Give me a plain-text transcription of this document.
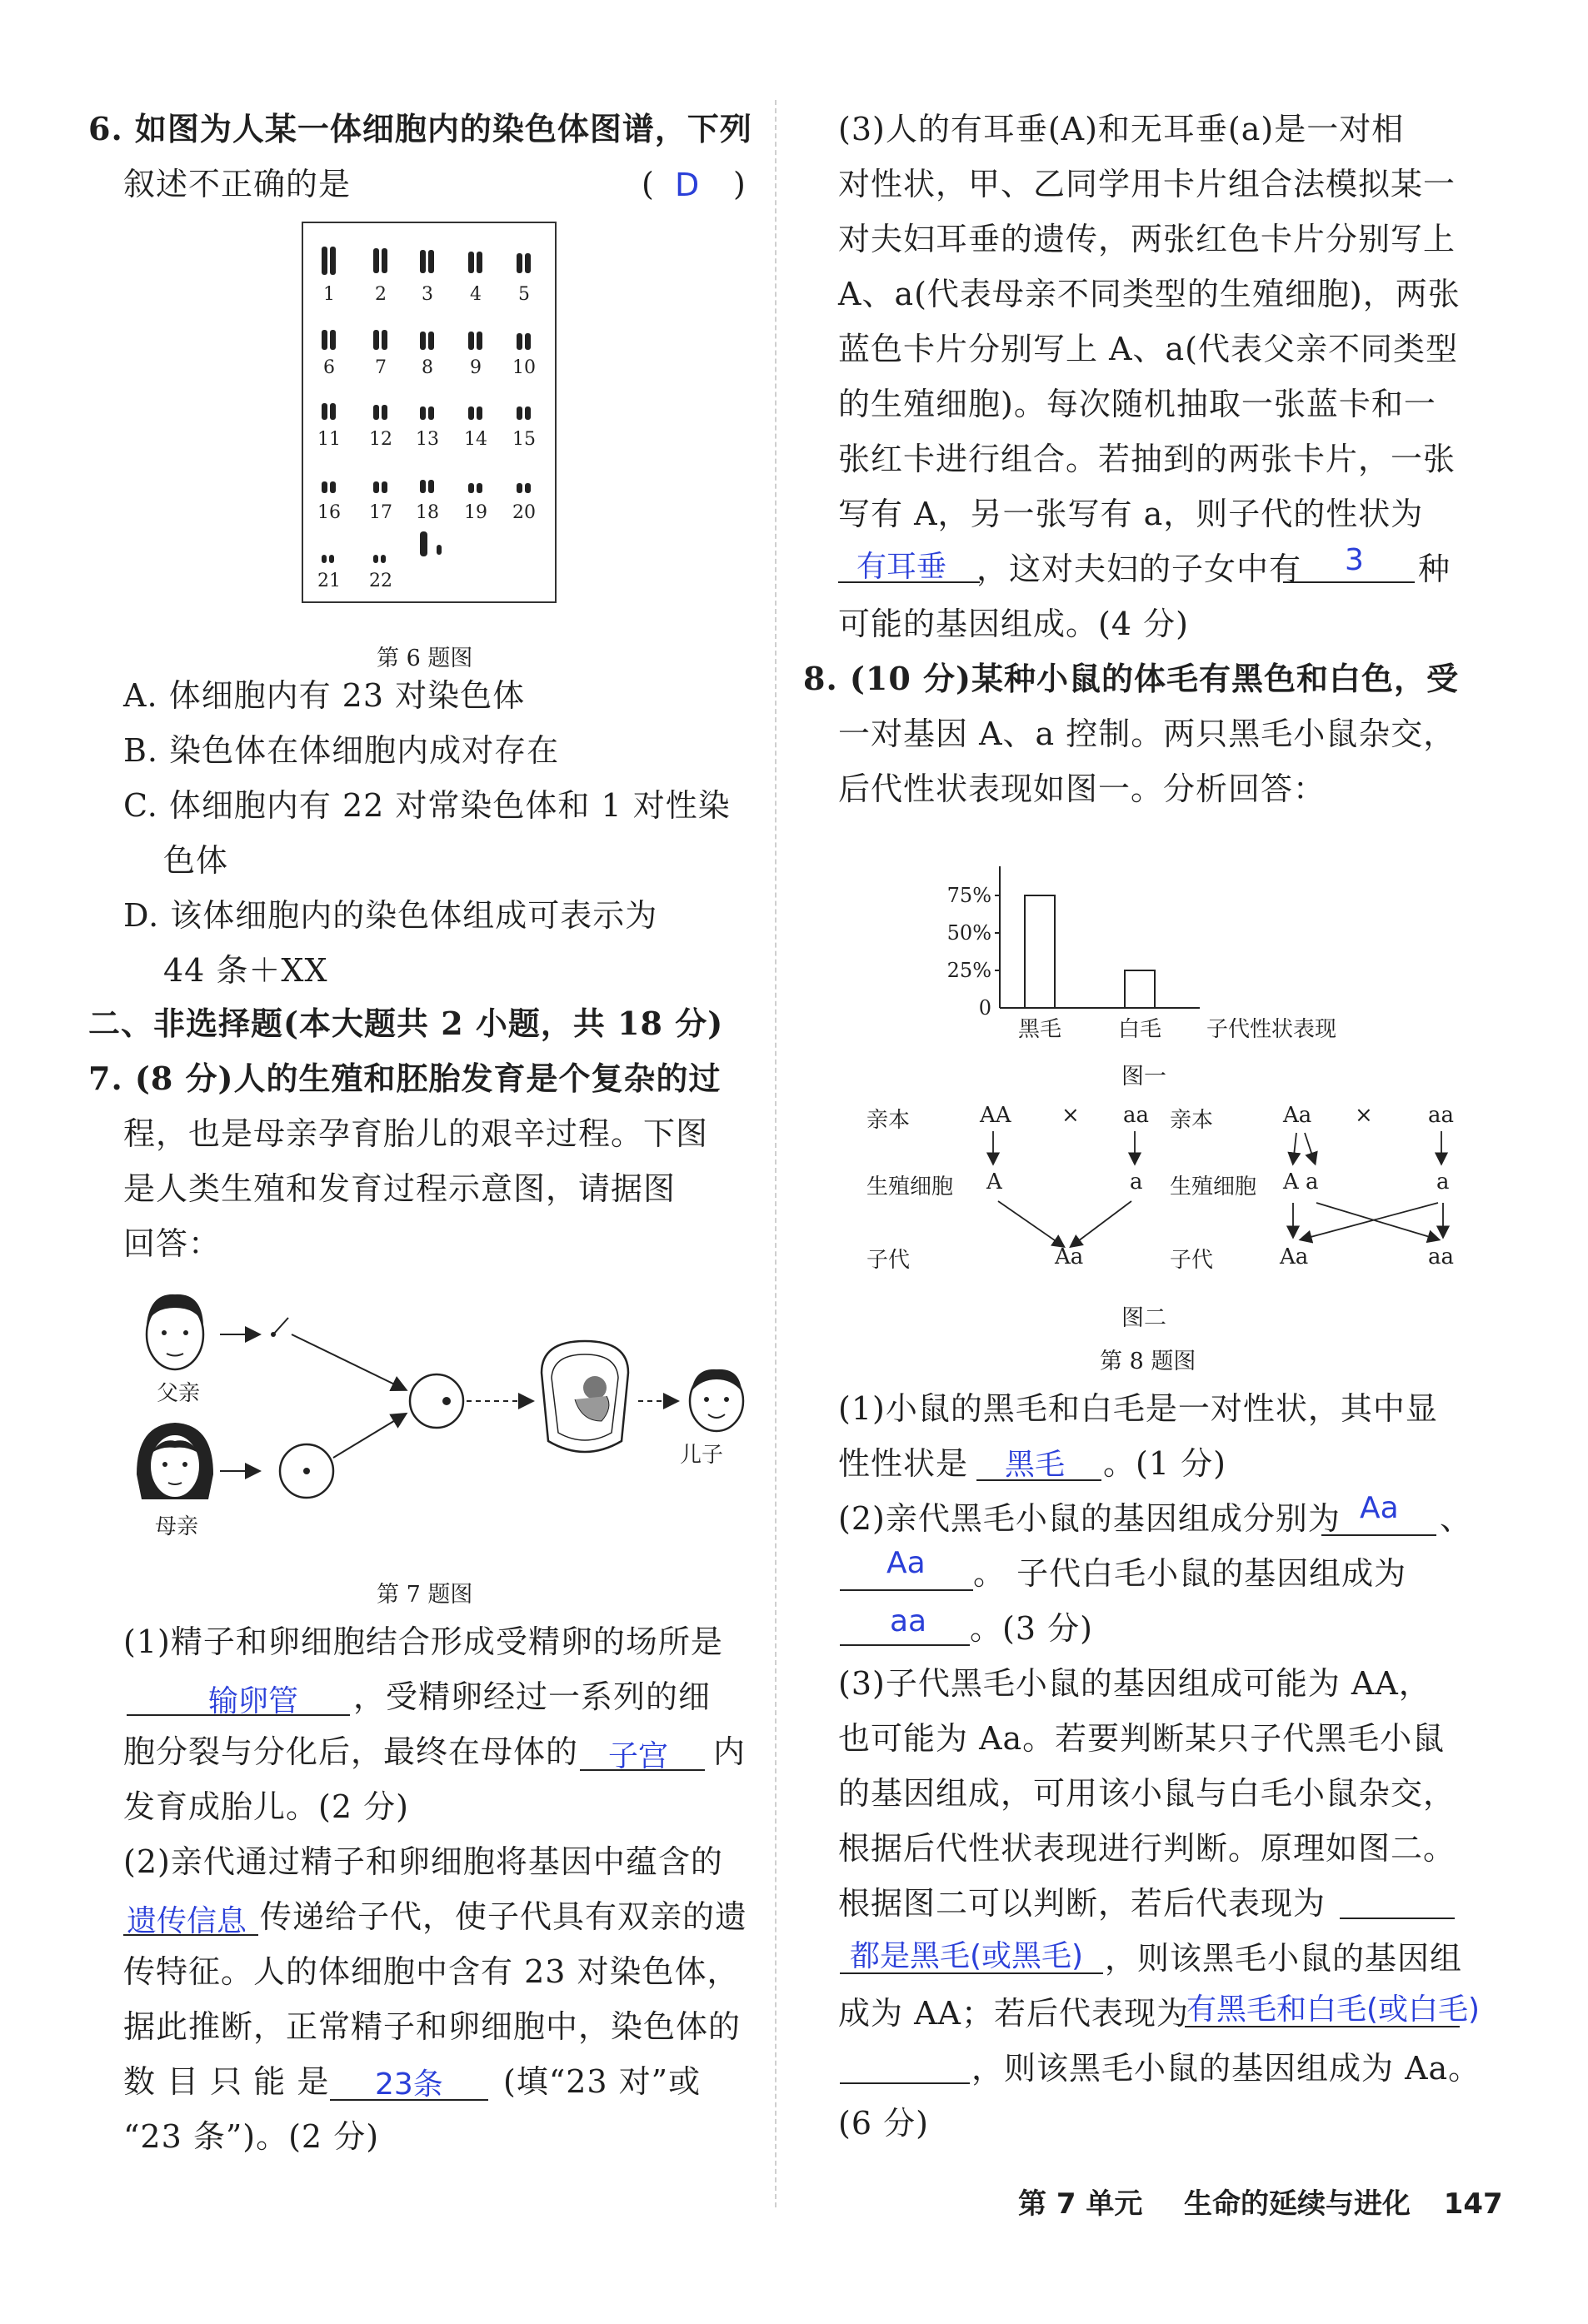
6. 如图为人某一体细胞内的染色体图谱，下列
叙述不正确的是	( D )
1 2 3 4 5
6 7 8 9 10
11 12 13 14 15
16 17 18 19 20
21 22
第 6 题图
A. 体细胞内有 23 对染色体
B. 染色体在体细胞内成对存在
C. 体细胞内有 22 对常染色体和 1 对性染
色体
D. 该体细胞内的染色体组成可表示为
44 条＋XX
二、非选择题(本大题共 2 小题，共 18 分)
7. (8 分)人的生殖和胚胎发育是个复杂的过
程，也是母亲孕育胎儿的艰辛过程。下图
是人类生殖和发育过程示意图，请据图
回答：
父亲
母亲
儿子
第 7 题图
(1)精子和卵细胞结合形成受精卵的场所是
输卵管 ，受精卵经过一系列的细
胞分裂与分化后，最终在母体的 子宫 内
发育成胎儿。(2 分)
(2)亲代通过精子和卵细胞将基因中蕴含的
遗传信息 传递给子代，使子代具有双亲的遗
传特征。人的体细胞中含有 23 对染色体，
据此推断，正常精子和卵细胞中，染色体的
数 目 只 能 是 23条 (填“23 对”或
“23 条”)。(2 分)
(3)人的有耳垂(A)和无耳垂(a)是一对相
对性状，甲、乙同学用卡片组合法模拟某一
对夫妇耳垂的遗传，两张红色卡片分别写上
A、a(代表母亲不同类型的生殖细胞)，两张
蓝色卡片分别写上 A、a(代表父亲不同类型
的生殖细胞)。每次随机抽取一张蓝卡和一
张红卡进行组合。若抽到的两张卡片，一张
写有 A，另一张写有 a，则子代的性状为
有耳垂 ，这对夫妇的子女中有 3 种
可能的基因组成。(4 分)
8. (10 分)某种小鼠的体毛有黑色和白色，受
一对基因 A、a 控制。两只黑毛小鼠杂交，
后代性状表现如图一。分析回答：
0
25%
50%
75%
黑毛	白毛 子代性状表现
图一
亲本	AA × aa
生殖细胞 A	a
子代	Aa
亲本	Aa ×	aa
生殖细胞 A a	a
子代	Aa	aa
图二
第 8 题图
(1)小鼠的黑毛和白毛是一对性状，其中显
性性状是 黑毛 。(1 分)
(2)亲代黑毛小鼠的基因组成分别为 Aa 、
Aa 。 子代白毛小鼠的基因组成为
aa 。(3 分)
(3)子代黑毛小鼠的基因组成可能为 AA，
也可能为 Aa。若要判断某只子代黑毛小鼠
的基因组成，可用该小鼠与白毛小鼠杂交，
根据后代性状表现进行判断。原理如图二。
根据图二可以判断，若后代表现为
都是黑毛(或黑毛) ，则该黑毛小鼠的基因组
成为 AA；若后代表现为
有黑毛和白毛(或白毛)
，则该黑毛小鼠的基因组成为 Aa。
(6 分)
第 7 单元 生命的延续与进化 147
